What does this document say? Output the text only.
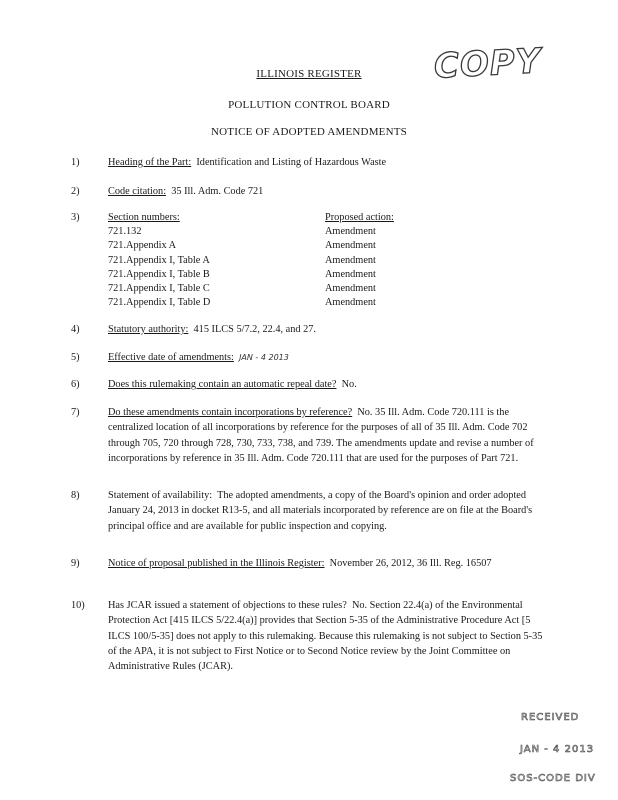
ILLINOIS REGISTER	COPY
POLLUTION CONTROL BOARD
NOTICE OF ADOPTED AMENDMENTS
1)	Heading of the Part: Identification and Listing of Hazardous Waste
2)	Code citation: 35 Ill. Adm. Code 721
3)	Section numbers:	Proposed action:
721.132	Amendment
721.Appendix A	Amendment
721.Appendix I, Table A	Amendment
721.Appendix I, Table B	Amendment
721.Appendix I, Table C	Amendment
721.Appendix I, Table D	Amendment
4)	Statutory authority: 415 ILCS 5/7.2, 22.4, and 27.
5)	Effective date of amendments: JAN - 4 2013
6)	Does this rulemaking contain an automatic repeal date? No.
7)	Do these amendments contain incorporations by reference? No. 35 Ill. Adm. Code 720.111 is the centralized location of all incorporations by reference for the purposes of all of 35 Ill. Adm. Code 702 through 705, 720 through 728, 730, 733, 738, and 739. The amendments update and revise a number of incorporations by reference in 35 Ill. Adm. Code 720.111 that are used for the purposes of Part 721.
8)	Statement of availability: The adopted amendments, a copy of the Board's opinion and order adopted January 24, 2013 in docket R13-5, and all materials incorporated by reference are on file at the Board's principal office and are available for public inspection and copying.
9)	Notice of proposal published in the Illinois Register: November 26, 2012, 36 Ill. Reg. 16507
10)	Has JCAR issued a statement of objections to these rules? No. Section 22.4(a) of the Environmental Protection Act [415 ILCS 5/22.4(a)] provides that Section 5-35 of the Administrative Procedure Act [5 ILCS 100/5-35] does not apply to this rulemaking. Because this rulemaking is not subject to Section 5-35 of the APA, it is not subject to First Notice or to Second Notice review by the Joint Committee on Administrative Rules (JCAR).
RECEIVED
JAN - 4 2013
SOS-CODE DIV
